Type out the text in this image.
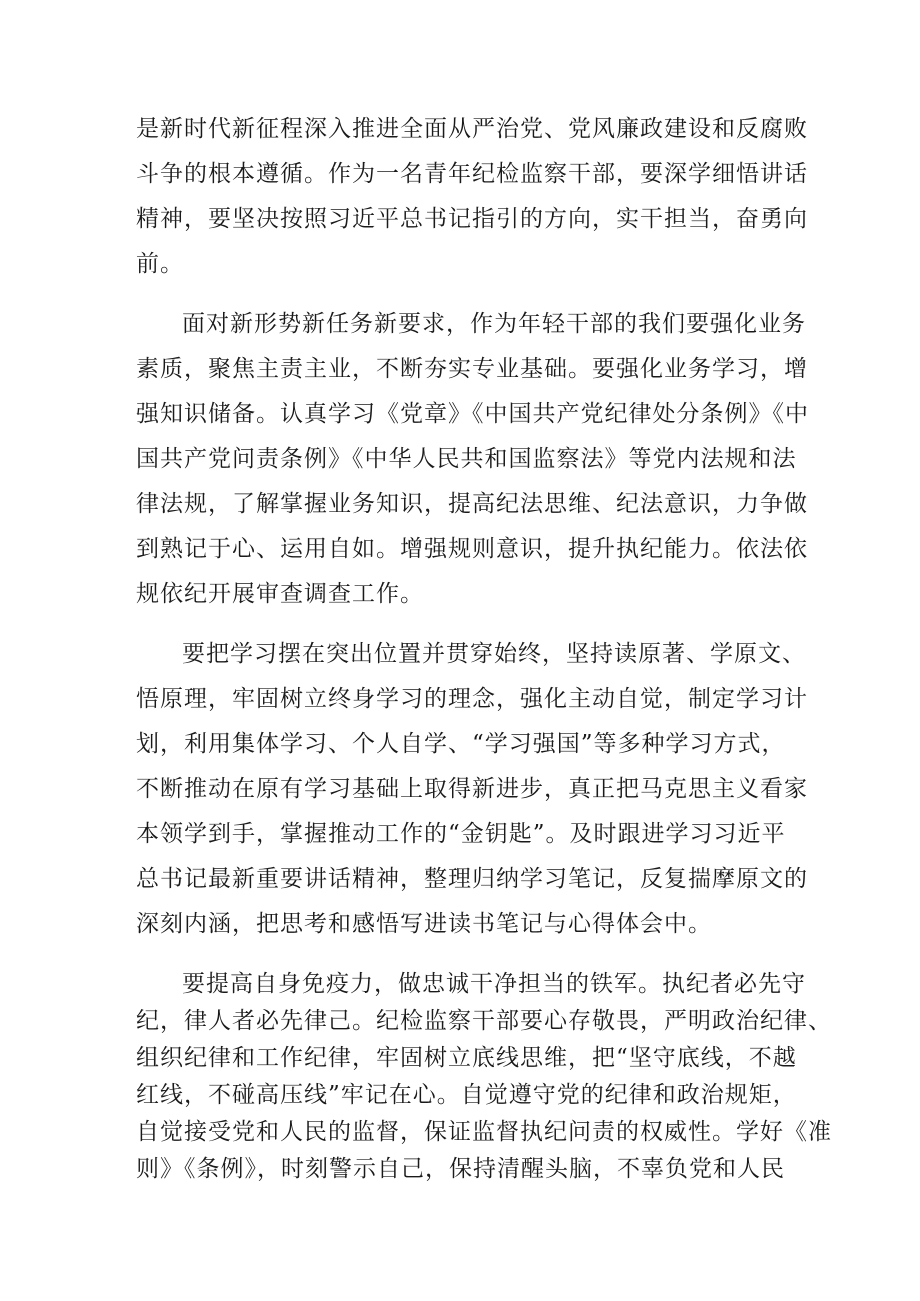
是新时代新征程深入推进全面从严治党、党风廉政建设和反腐败
斗争的根本遵循。作为一名青年纪检监察干部，要深学细悟讲话
精神，要坚决按照习近平总书记指引的方向，实干担当，奋勇向
前。

面对新形势新任务新要求，作为年轻干部的我们要强化业务
素质，聚焦主责主业，不断夯实专业基础。要强化业务学习，增
强知识储备。认真学习《党章》《中国共产党纪律处分条例》《中
国共产党问责条例》《中华人民共和国监察法》等党内法规和法
律法规，了解掌握业务知识，提高纪法思维、纪法意识，力争做
到熟记于心、运用自如。增强规则意识，提升执纪能力。依法依
规依纪开展审查调查工作。

要把学习摆在突出位置并贯穿始终，坚持读原著、学原文、
悟原理，牢固树立终身学习的理念，强化主动自觉，制定学习计
划，利用集体学习、个人自学、“学习强国”等多种学习方式，
不断推动在原有学习基础上取得新进步，真正把马克思主义看家
本领学到手，掌握推动工作的“金钥匙”。及时跟进学习习近平
总书记最新重要讲话精神，整理归纳学习笔记，反复揣摩原文的
深刻内涵，把思考和感悟写进读书笔记与心得体会中。

要提高自身免疫力，做忠诚干净担当的铁军。执纪者必先守
纪，律人者必先律己。纪检监察干部要心存敬畏，严明政治纪律、
组织纪律和工作纪律，牢固树立底线思维，把“坚守底线，不越
红线，不碰高压线”牢记在心。自觉遵守党的纪律和政治规矩，
自觉接受党和人民的监督，保证监督执纪问责的权威性。学好《准
则》《条例》，时刻警示自己，保持清醒头脑，不辜负党和人民
